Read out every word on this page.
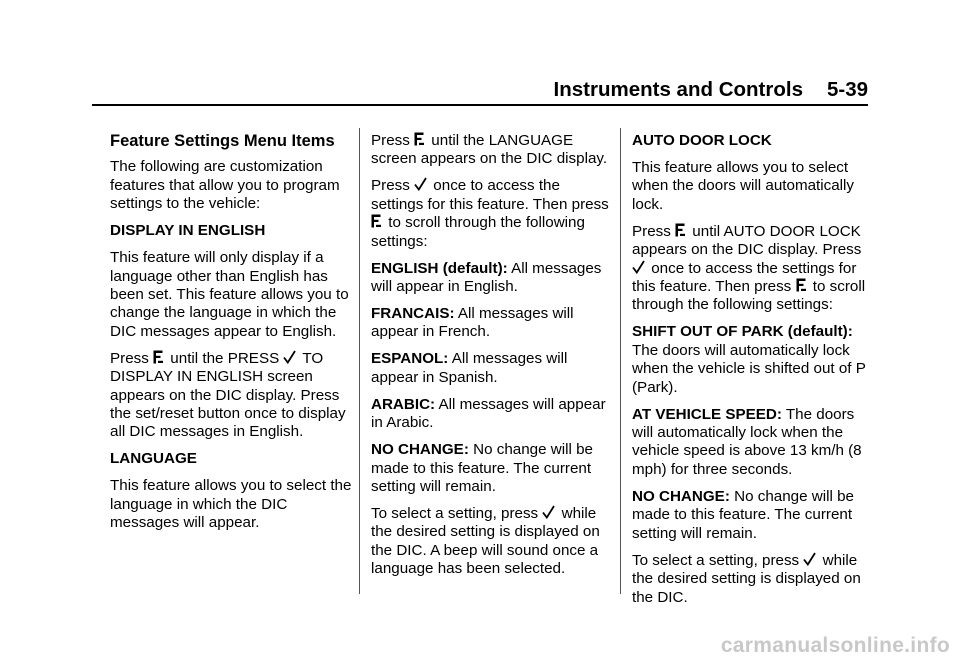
Instruments and Controls 5-39
Feature Settings Menu Items

The following are customization features that allow you to program settings to the vehicle:

DISPLAY IN ENGLISH

This feature will only display if a language other than English has been set. This feature allows you to change the language in which the DIC messages appear to English.

Press until the PRESS TO DISPLAY IN ENGLISH screen appears on the DIC display. Press the set/reset button once to display all DIC messages in English.

LANGUAGE

This feature allows you to select the language in which the DIC messages will appear.

Press until the LANGUAGE screen appears on the DIC display.

Press once to access the settings for this feature. Then press  to scroll through the following settings:

ENGLISH (default): All messages will appear in English.

FRANCAIS: All messages will appear in French.

ESPANOL: All messages will appear in Spanish.

ARABIC: All messages will appear in Arabic.

NO CHANGE: No change will be made to this feature. The current setting will remain.

To select a setting, press while the desired setting is displayed on the DIC. A beep will sound once a language has been selected.

AUTO DOOR LOCK

This feature allows you to select when the doors will automatically lock.

Press until AUTO DOOR LOCK appears on the DIC display. Press  once to access the settings for this feature. Then press to scroll through the following settings:

SHIFT OUT OF PARK (default): The doors will automatically lock when the vehicle is shifted out of P (Park).

AT VEHICLE SPEED: The doors will automatically lock when the vehicle speed is above 13 km/h (8 mph) for three seconds.

NO CHANGE: No change will be made to this feature. The current setting will remain.

To select a setting, press while the desired setting is displayed on the DIC.

carmanualsonline.info
